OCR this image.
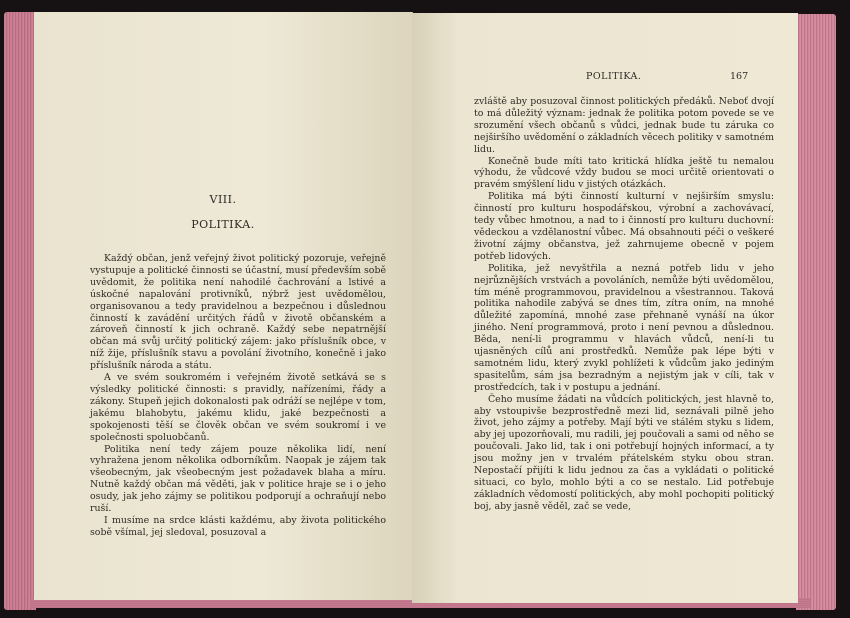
VIII.
POLITIKA.

Každý občan, jenž veřejný život politický pozoruje, veřejně vystupuje a politické činnosti se účastní, musí především sobě uvědomit, že politika není nahodilé čachrování a lstivé a úskočné napalování protivníků, nýbrž jest uvědomělou, organisovanou a tedy pravidelnou a bezpečnou i důslednou činností k zavádění určitých řádů v životě občanském a zároveň činností k jich ochraně. Každý sebe nepatrnější občan má svůj určitý politický zájem: jako příslušník obce, v níž žije, příslušník stavu a povolání životního, konečně i jako příslušník národa a státu.

A ve svém soukromém i veřejném životě setkává se s výsledky politické činnosti: s pravidly, nařízeními, řády a zákony. Stupeň jejich dokonalosti pak odráží se nejlépe v tom, jakému blahobytu, jakému klidu, jaké bezpečnosti a spokojenosti těší se člověk občan ve svém soukromí i ve společnosti spoluobčanů.

Politika není tedy zájem pouze několika lidí, není vyhražena jenom několika odborníkům. Naopak je zájem tak všeobecným, jak všeobecným jest požadavek blaha a míru. Nutně každý občan má věděti, jak v politice hraje se i o jeho osudy, jak jeho zájmy se politikou podporují a ochraňují nebo ruší.

I musíme na srdce klásti každému, aby života politického sobě všímal, jej sledoval, posuzoval a

POLITIKA.	167

zvláště aby posuzoval činnost politických předáků. Neboť dvojí to má důležitý význam: jednak že politika potom povede se ve srozumění všech občanů s vůdci, jednak bude tu záruka co nejširšího uvědomění o základních věcech politiky v samotném lidu.

Konečně bude míti tato kritická hlídka ještě tu nemalou výhodu, že vůdcové vždy budou se moci určitě orientovati o pravém smýšlení lidu v jistých otázkách.

Politika má býti činností kulturní v nejširším smyslu: činností pro kulturu hospodářskou, výrobní a zachovávací, tedy vůbec hmotnou, a nad to i činností pro kulturu duchovní: vědeckou a vzdělanostní vůbec. Má obsahnouti péči o veškeré životní zájmy občanstva, jež zahrnujeme obecně v pojem potřeb lidových.

Politika, jež nevyštřila a nezná potřeb lidu v jeho nejrůznějších vrstvách a povoláních, nemůže býti uvědomělou, tím méně programmovou, pravidelnou a všestrannou. Taková politika nahodile zabývá se dnes tím, zítra oním, na mnohé důležité zapomíná, mnohé zase přehnaně vynáší na úkor jiného. Není programmová, proto i není pevnou a důslednou. Běda, není-li programmu v hlavách vůdců, není-li tu ujasněných cílů ani prostředků. Nemůže pak lépe býti v samotném lidu, který zvykl pohlížeti k vůdcům jako jediným spasitelům, sám jsa bezradným a nejistým jak v cíli, tak v prostředcích, tak i v postupu a jednání.

Čeho musíme žádati na vůdcích politických, jest hlavně to, aby vstoupivše bezprostředně mezi lid, seznávali pilně jeho život, jeho zájmy a potřeby. Mají býti ve stálém styku s lidem, aby jej upozorňovali, mu radili, jej poučovali a sami od něho se poučovali. Jako lid, tak i oni potřebují hojných informací, a ty jsou možny jen v trvalém přátelském styku obou stran. Nepostačí přijíti k lidu jednou za čas a vykládati o politické situaci, co bylo, mohlo býti a co se nestalo. Lid potřebuje základních vědomostí politických, aby mohl pochopiti politický boj, aby jasně věděl, zač se vede,
